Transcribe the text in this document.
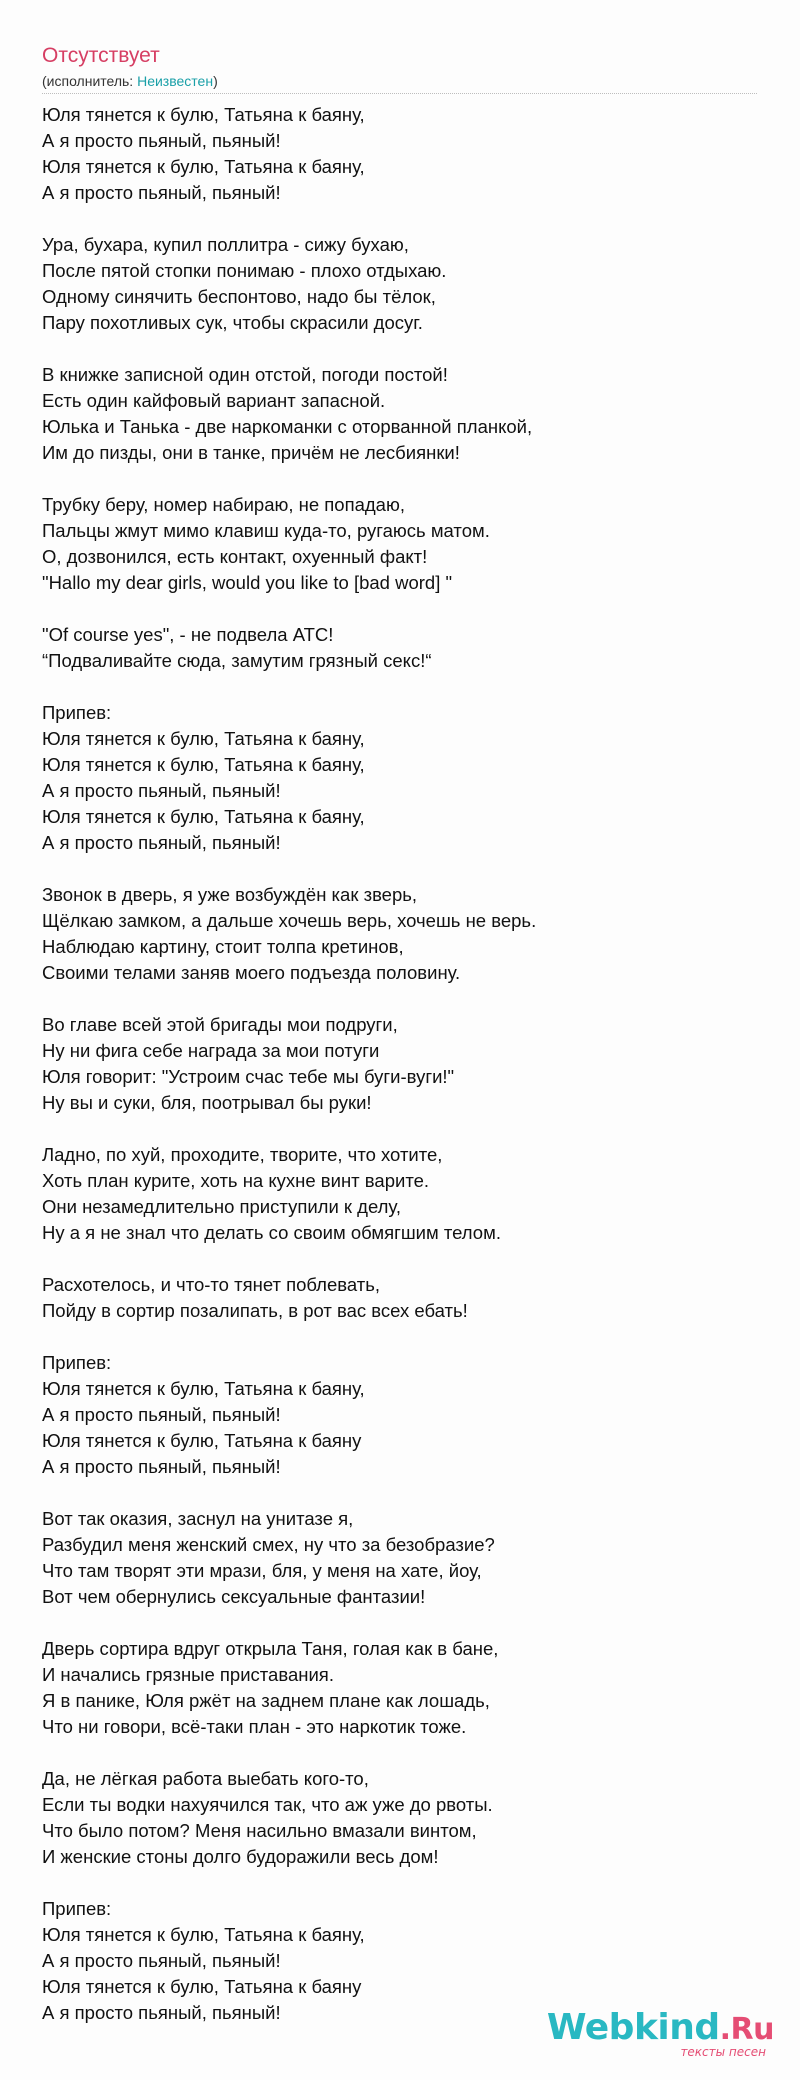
Отсутствует
(исполнитель: Неизвестен)
Юля тянется к булю, Татьяна к баяну,
А я просто пьяный, пьяный!
Юля тянется к булю, Татьяна к баяну,
А я просто пьяный, пьяный!
Ура, бухара, купил поллитра - сижу бухаю,
После пятой стопки понимаю - плохо отдыхаю.
Одному синячить беспонтово, надо бы тёлок,
Пару похотливых сук, чтобы скрасили досуг.
В книжке записной один отстой, погоди постой!
Есть один кайфовый вариант запасной.
Юлька и Танька - две наркоманки с оторванной планкой,
Им до пизды, они в танке, причём не лесбиянки!
Трубку беру, номер набираю, не попадаю,
Пальцы жмут мимо клавиш куда-то, ругаюсь матом.
О, дозвонился, есть контакт, охуенный факт!
"Hallo my dear girls, would you like to [bad word] "
"Of course yes", - не подвела АТС!
“Подваливайте сюда, замутим грязный секс!“
Припев:
Юля тянется к булю, Татьяна к баяну,
Юля тянется к булю, Татьяна к баяну,
А я просто пьяный, пьяный!
Юля тянется к булю, Татьяна к баяну,
А я просто пьяный, пьяный!
Звонок в дверь, я уже возбуждён как зверь,
Щёлкаю замком, а дальше хочешь верь, хочешь не верь.
Наблюдаю картину, стоит толпа кретинов,
Своими телами заняв моего подъезда половину.
Во главе всей этой бригады мои подруги,
Ну ни фига себе награда за мои потуги
Юля говорит: "Устроим счас тебе мы буги-вуги!"
Ну вы и суки, бля, поотрывал бы руки!
Ладно, по хуй, проходите, творите, что хотите,
Хоть план курите, хоть на кухне винт варите.
Они незамедлительно приступили к делу,
Ну а я не знал что делать со своим обмягшим телом.
Расхотелось, и что-то тянет поблевать,
Пойду в сортир позалипать, в рот вас всех ебать!
Припев:
Юля тянется к булю, Татьяна к баяну,
А я просто пьяный, пьяный!
Юля тянется к булю, Татьяна к баяну
А я просто пьяный, пьяный!
Вот так оказия, заснул на унитазе я,
Разбудил меня женский смех, ну что за безобразие?
Что там творят эти мрази, бля, у меня на хате, йоу,
Вот чем обернулись сексуальные фантазии!
Дверь сортира вдруг открыла Таня, голая как в бане,
И начались грязные приставания.
Я в панике, Юля ржёт на заднем плане как лошадь,
Что ни говори, всё-таки план - это наркотик тоже.
Да, не лёгкая работа выебать кого-то,
Если ты водки нахуячился так, что аж уже до рвоты.
Что было потом? Меня насильно вмазали винтом,
И женские стоны долго будоражили весь дом!
Припев:
Юля тянется к булю, Татьяна к баяну,
А я просто пьяный, пьяный!
Юля тянется к булю, Татьяна к баяну
А я просто пьяный, пьяный!	Webkind.Ru
тексты песен
